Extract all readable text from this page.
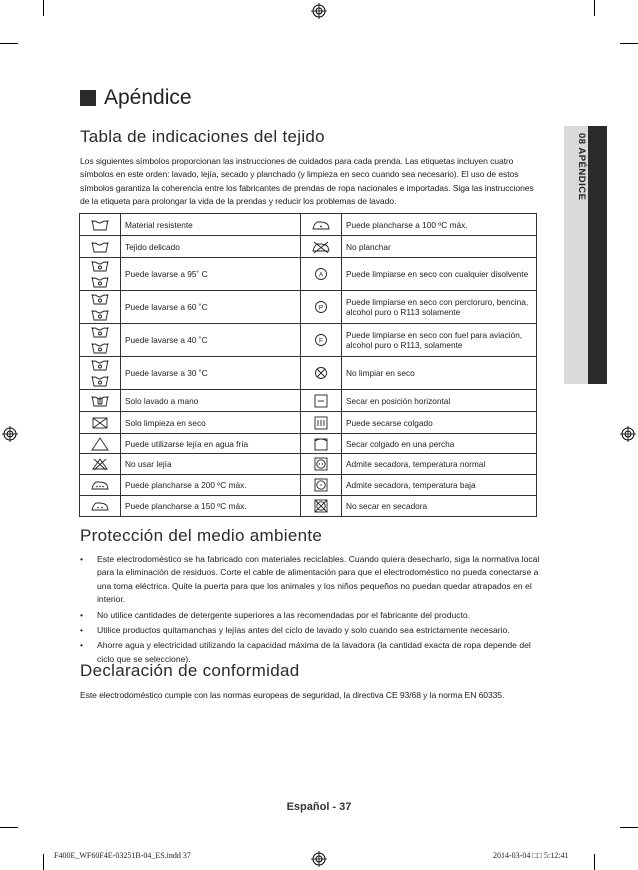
08 APÉNDICE
Apéndice
Tabla de indicaciones del tejido
Los siguientes símbolos proporcionan las instrucciones de cuidados para cada prenda. Las etiquetas incluyen cuatro símbolos en este orden: lavado, lejía, secado y planchado (y limpieza en seco cuando sea necesario). El uso de estos símbolos garantiza la coherencia entre los fabricantes de prendas de ropa nacionales e importadas. Siga las instrucciones de la etiqueta para prolongar la vida de la prendas y reducir los problemas de lavado.
	Material resistente		Puede plancharse a 100 ºC máx.
	Tejido delicado		No planchar
	Puede lavarse a 95˚ C	A	Puede limpiarse en seco con cualquier disolvente
	Puede lavarse a 60 ˚C	P	Puede limpiarse en seco con percloruro, bencina, alcohol puro o R113 solamente
	Puede lavarse a 40 ˚C	F	Puede limpiarse en seco con fuel para aviación, alcohol puro o R113, solamente
	Puede lavarse a 30 ˚C		No limpiar en seco
	Solo lavado a mano		Secar en posición horizontal
	Solo limpieza en seco		Puede secarse colgado
	Puede utilizarse lejía en agua fría		Secar colgado en una percha
	No usar lejía		Admite secadora, temperatura normal
	Puede plancharse a 200 ºC máx.		Admite secadora, temperatura baja
	Puede plancharse a 150 ºC máx.		No secar en secadora
Protección del medio ambiente
• Este electrodoméstico se ha fabricado con materiales reciclables. Cuando quiera desecharlo, siga la normativa local para la eliminación de residuos. Corte el cable de alimentación para que el electrodoméstico no pueda conectarse a una toma eléctrica. Quite la puerta para que los animales y los niños pequeños no puedan quedar atrapados en el interior.
• No utilice cantidades de detergente superiores a las recomendadas por el fabricante del producto.
• Utilice productos quitamanchas y lejías antes del ciclo de lavado y solo cuando sea estrictamente necesario.
• Ahorre agua y electricidad utilizando la capacidad máxima de la lavadora (la cantidad exacta de ropa depende del ciclo que se seleccione).
Declaración de conformidad
Este electrodoméstico cumple con las normas europeas de seguridad, la directiva CE 93/68 y la norma EN 60335.
Español - 37
F400E_WF60F4E-03251B-04_ES.indd 37	2014-03-04 □□ 5:12:41
